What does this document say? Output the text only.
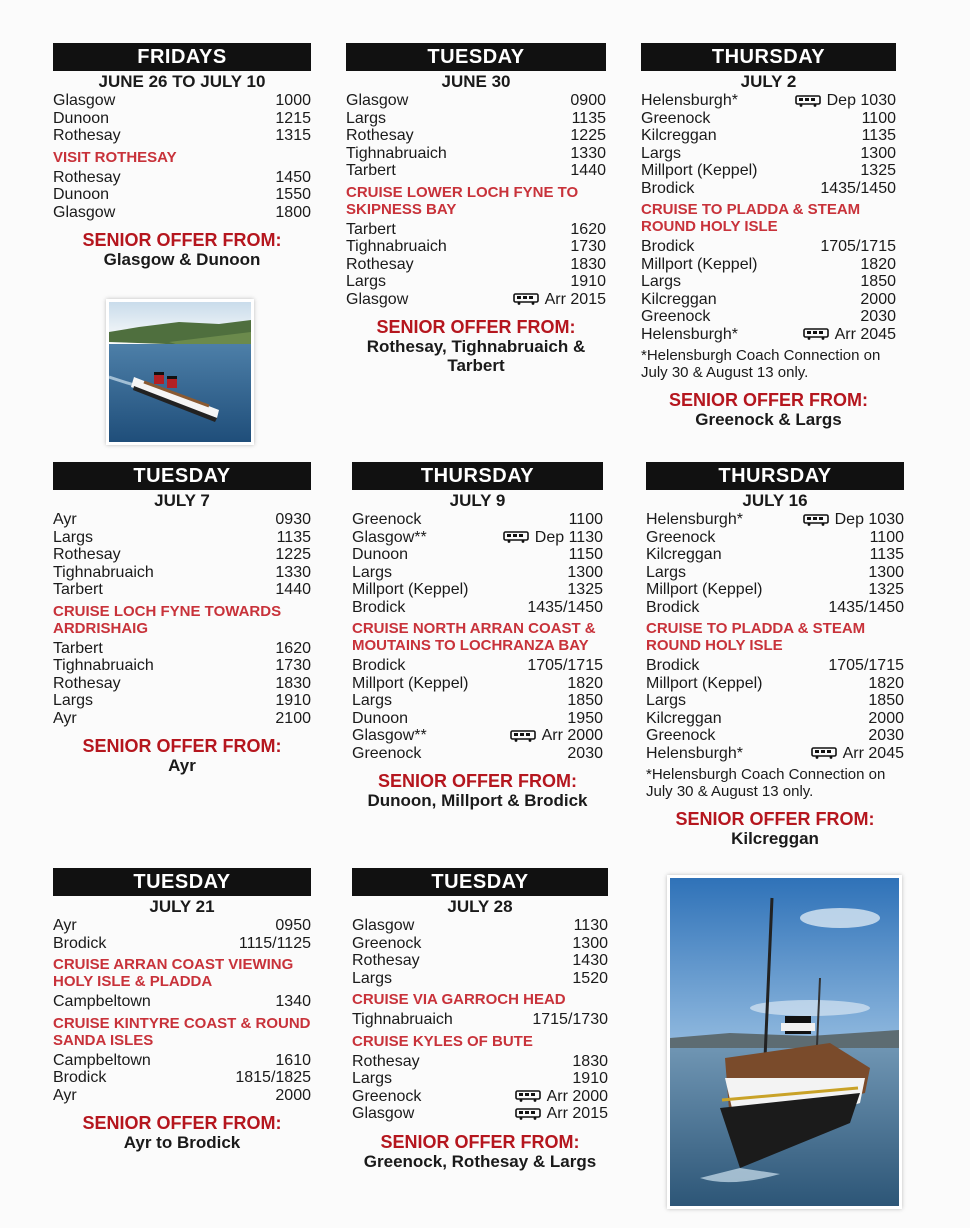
FRIDAYS
JUNE 26 TO JULY 10
Glasgow	1000
Dunoon	1215
Rothesay	1315
VISIT ROTHESAY
Rothesay	1450
Dunoon	1550
Glasgow	1800
SENIOR OFFER FROM:
Glasgow & Dunoon
TUESDAY
JUNE 30
Glasgow	0900
Largs	1135
Rothesay	1225
Tighnabruaich	1330
Tarbert	1440
CRUISE LOWER LOCH FYNE TO SKIPNESS BAY
Tarbert	1620
Tighnabruaich	1730
Rothesay	1830
Largs	1910
Glasgow	Arr 2015
SENIOR OFFER FROM:
Rothesay, Tighnabruaich & Tarbert
THURSDAY
JULY 2
Helensburgh*	Dep 1030
Greenock	1100
Kilcreggan	1135
Largs	1300
Millport (Keppel)	1325
Brodick	1435/1450
CRUISE TO PLADDA & STEAM ROUND HOLY ISLE
Brodick	1705/1715
Millport (Keppel)	1820
Largs	1850
Kilcreggan	2000
Greenock	2030
Helensburgh*	Arr 2045
*Helensburgh Coach Connection on July 30 & August 13 only.
SENIOR OFFER FROM:
Greenock & Largs
TUESDAY
JULY 7
Ayr	0930
Largs	1135
Rothesay	1225
Tighnabruaich	1330
Tarbert	1440
CRUISE LOCH FYNE TOWARDS ARDRISHAIG
Tarbert	1620
Tighnabruaich	1730
Rothesay	1830
Largs	1910
Ayr	2100
SENIOR OFFER FROM:
Ayr
THURSDAY
JULY 9
Greenock	1100
Glasgow**	Dep 1130
Dunoon	1150
Largs	1300
Millport (Keppel)	1325
Brodick	1435/1450
CRUISE NORTH ARRAN COAST & MOUTAINS TO LOCHRANZA BAY
Brodick	1705/1715
Millport (Keppel)	1820
Largs	1850
Dunoon	1950
Glasgow**	Arr 2000
Greenock	2030
SENIOR OFFER FROM:
Dunoon, Millport & Brodick
THURSDAY
JULY 16
Helensburgh*	Dep 1030
Greenock	1100
Kilcreggan	1135
Largs	1300
Millport (Keppel)	1325
Brodick	1435/1450
CRUISE TO PLADDA & STEAM ROUND HOLY ISLE
Brodick	1705/1715
Millport (Keppel)	1820
Largs	1850
Kilcreggan	2000
Greenock	2030
Helensburgh*	Arr 2045
*Helensburgh Coach Connection on July 30 & August 13 only.
SENIOR OFFER FROM:
Kilcreggan
TUESDAY
JULY 21
Ayr	0950
Brodick	1115/1125
CRUISE ARRAN COAST VIEWING HOLY ISLE & PLADDA
Campbeltown	1340
CRUISE KINTYRE COAST & ROUND SANDA ISLES
Campbeltown	1610
Brodick	1815/1825
Ayr	2000
SENIOR OFFER FROM:
Ayr to Brodick
TUESDAY
JULY 28
Glasgow	1130
Greenock	1300
Rothesay	1430
Largs	1520
CRUISE VIA GARROCH HEAD
Tighnabruaich	1715/1730
CRUISE KYLES OF BUTE
Rothesay	1830
Largs	1910
Greenock	Arr 2000
Glasgow	Arr 2015
SENIOR OFFER FROM:
Greenock, Rothesay & Largs
